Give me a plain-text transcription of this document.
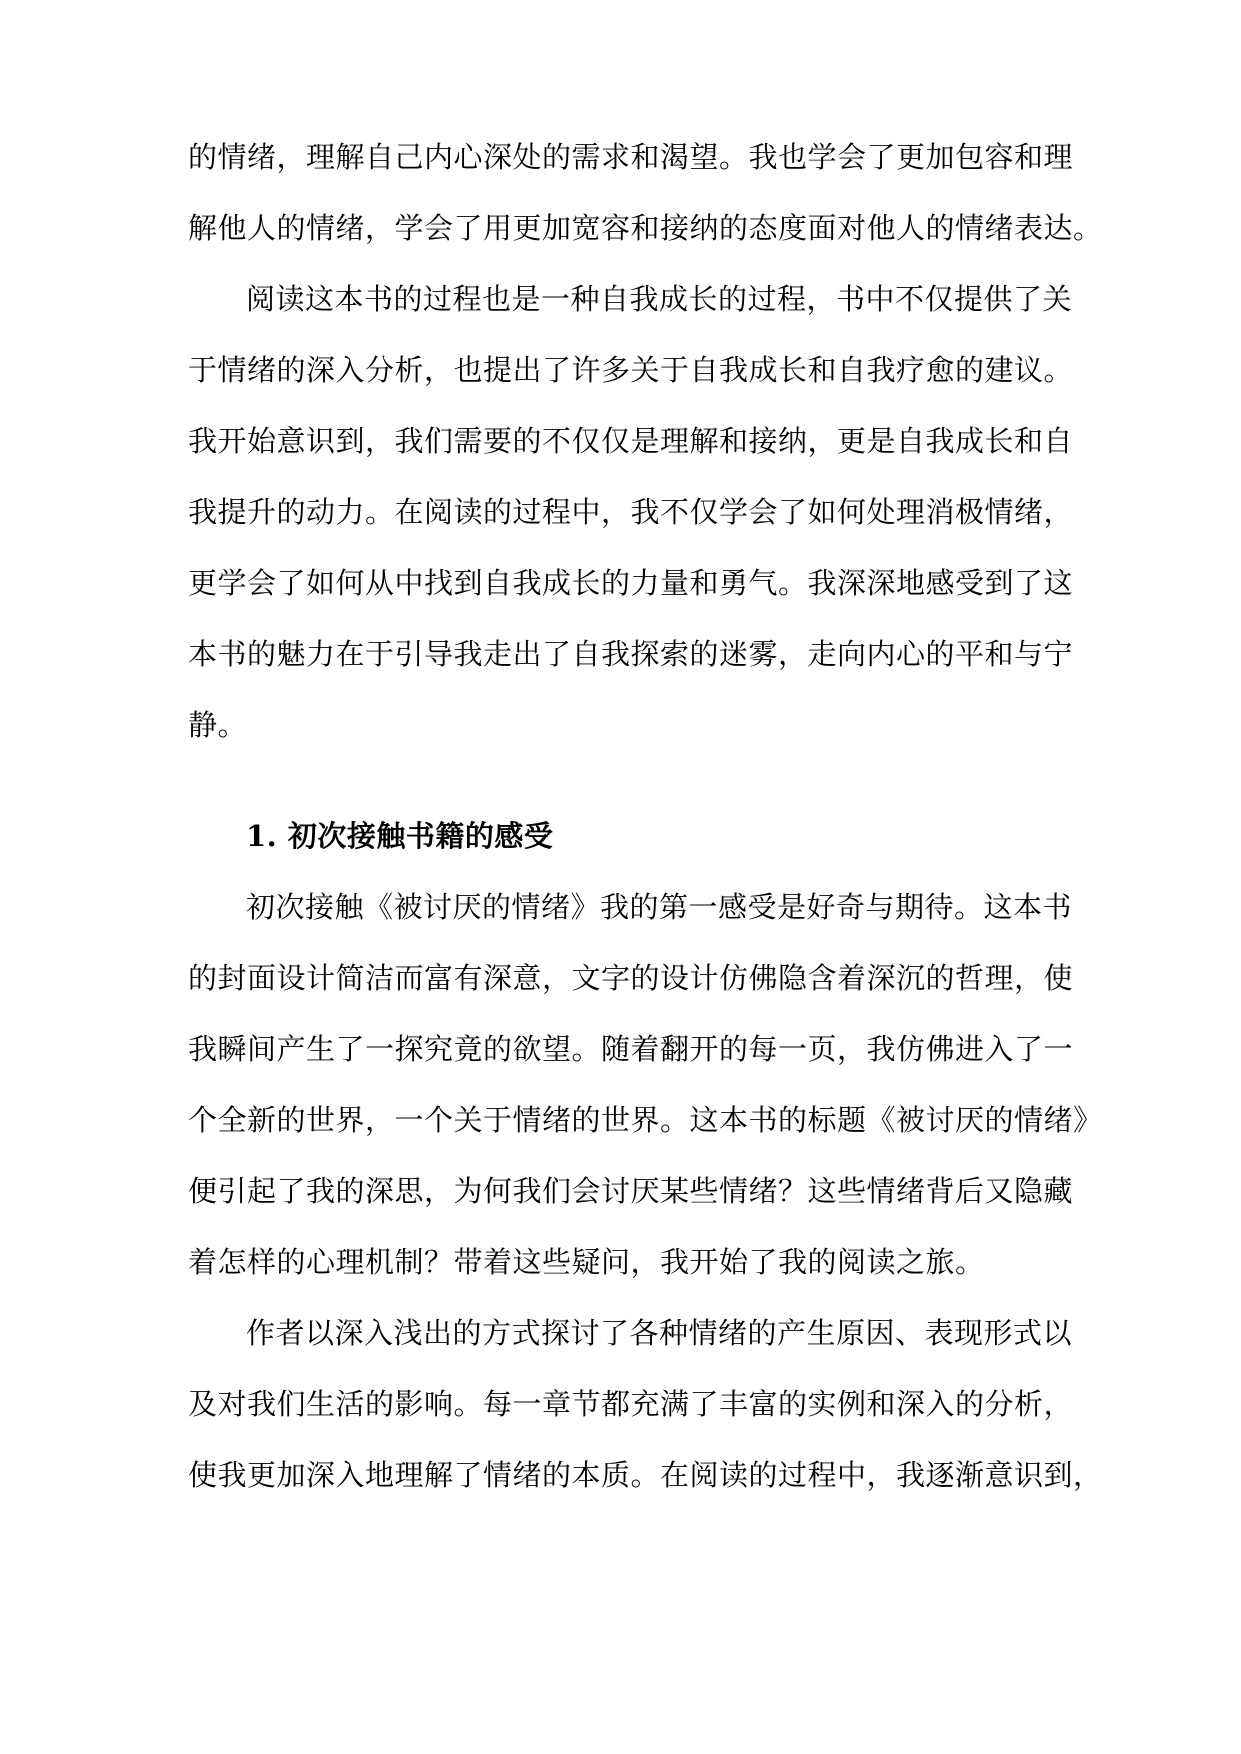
的情绪，理解自己内心深处的需求和渴望。我也学会了更加包容和理
解他人的情绪，学会了用更加宽容和接纳的态度面对他人的情绪表达。
阅读这本书的过程也是一种自我成长的过程，书中不仅提供了关
于情绪的深入分析，也提出了许多关于自我成长和自我疗愈的建议。
我开始意识到，我们需要的不仅仅是理解和接纳，更是自我成长和自
我提升的动力。在阅读的过程中，我不仅学会了如何处理消极情绪，
更学会了如何从中找到自我成长的力量和勇气。我深深地感受到了这
本书的魅力在于引导我走出了自我探索的迷雾，走向内心的平和与宁
静。
1. 初次接触书籍的感受
初次接触《被讨厌的情绪》我的第一感受是好奇与期待。这本书
的封面设计简洁而富有深意，文字的设计仿佛隐含着深沉的哲理，使
我瞬间产生了一探究竟的欲望。随着翻开的每一页，我仿佛进入了一
个全新的世界，一个关于情绪的世界。这本书的标题《被讨厌的情绪》
便引起了我的深思，为何我们会讨厌某些情绪？这些情绪背后又隐藏
着怎样的心理机制？带着这些疑问，我开始了我的阅读之旅。
作者以深入浅出的方式探讨了各种情绪的产生原因、表现形式以
及对我们生活的影响。每一章节都充满了丰富的实例和深入的分析，
使我更加深入地理解了情绪的本质。在阅读的过程中，我逐渐意识到，
